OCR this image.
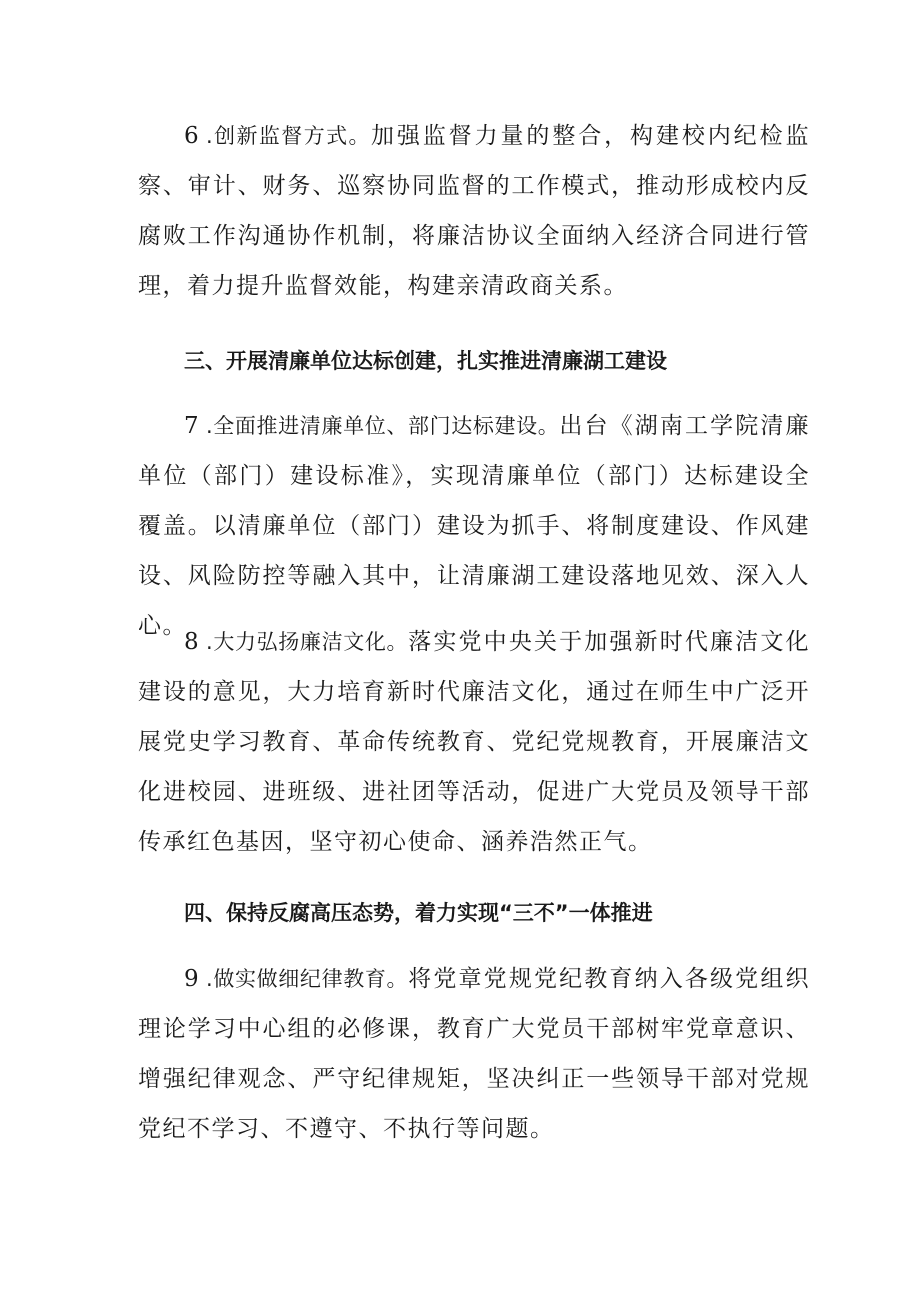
6 .创新监督方式。加强监督力量的整合，构建校内纪检监察、审计、财务、巡察协同监督的工作模式，推动形成校内反腐败工作沟通协作机制，将廉洁协议全面纳入经济合同进行管理，着力提升监督效能，构建亲清政商关系。

三、开展清廉单位达标创建，扎实推进清廉湖工建设

7 .全面推进清廉单位、部门达标建设。出台《湖南工学院清廉单位（部门）建设标准》，实现清廉单位（部门）达标建设全覆盖。以清廉单位（部门）建设为抓手、将制度建设、作风建设、风险防控等融入其中，让清廉湖工建设落地见效、深入人心。

8 .大力弘扬廉洁文化。落实党中央关于加强新时代廉洁文化建设的意见，大力培育新时代廉洁文化，通过在师生中广泛开展党史学习教育、革命传统教育、党纪党规教育，开展廉洁文化进校园、进班级、进社团等活动，促进广大党员及领导干部传承红色基因，坚守初心使命、涵养浩然正气。

四、保持反腐高压态势，着力实现“三不”一体推进

9 .做实做细纪律教育。将党章党规党纪教育纳入各级党组织理论学习中心组的必修课，教育广大党员干部树牢党章意识、增强纪律观念、严守纪律规矩，坚决纠正一些领导干部对党规党纪不学习、不遵守、不执行等问题。
